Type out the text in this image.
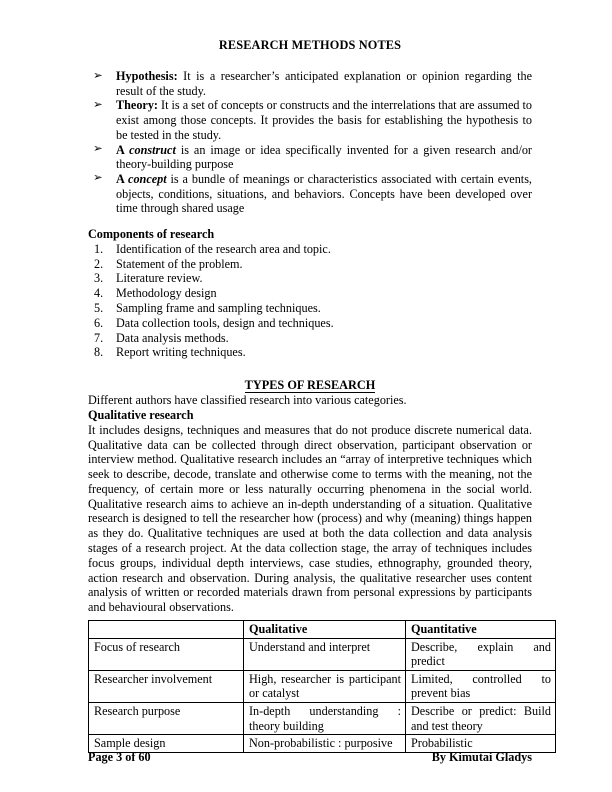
RESEARCH METHODS NOTES
➢ Hypothesis: It is a researcher’s anticipated explanation or opinion regarding the result of the study.
➢ Theory: It is a set of concepts or constructs and the interrelations that are assumed to exist among those concepts. It provides the basis for establishing the hypothesis to be tested in the study.
➢ A construct is an image or idea specifically invented for a given research and/or theory-building purpose
➢ A concept is a bundle of meanings or characteristics associated with certain events, objects, conditions, situations, and behaviors. Concepts have been developed over time through shared usage
Components of research
1. Identification of the research area and topic.
2. Statement of the problem.
3. Literature review.
4. Methodology design
5. Sampling frame and sampling techniques.
6. Data collection tools, design and techniques.
7. Data analysis methods.
8. Report writing techniques.
TYPES OF RESEARCH

Different authors have classified research into various categories.

Qualitative research

It includes designs, techniques and measures that do not produce discrete numerical data. Qualitative data can be collected through direct observation, participant observation or interview method. Qualitative research includes an “array of interpretive techniques which seek to describe, decode, translate and otherwise come to terms with the meaning, not the frequency, of certain more or less naturally occurring phenomena in the social world. Qualitative research aims to achieve an in-depth understanding of a situation. Qualitative research is designed to tell the researcher how (process) and why (meaning) things happen as they do. Qualitative techniques are used at both the data collection and data analysis stages of a research project. At the data collection stage, the array of techniques includes focus groups, individual depth interviews, case studies, ethnography, grounded theory, action research and observation. During analysis, the qualitative researcher uses content analysis of written or recorded materials drawn from personal expressions by participants and behavioural observations.

	Qualitative	Quantitative
Focus of research	Understand and interpret	Describe, explain and predict
Researcher involvement	High, researcher is participant or catalyst	Limited, controlled to prevent bias
Research purpose	In-depth understanding : theory building	Describe or predict: Build and test theory
Sample design	Non-probabilistic : purposive	Probabilistic
Page 3 of 60	By Kimutai Gladys
